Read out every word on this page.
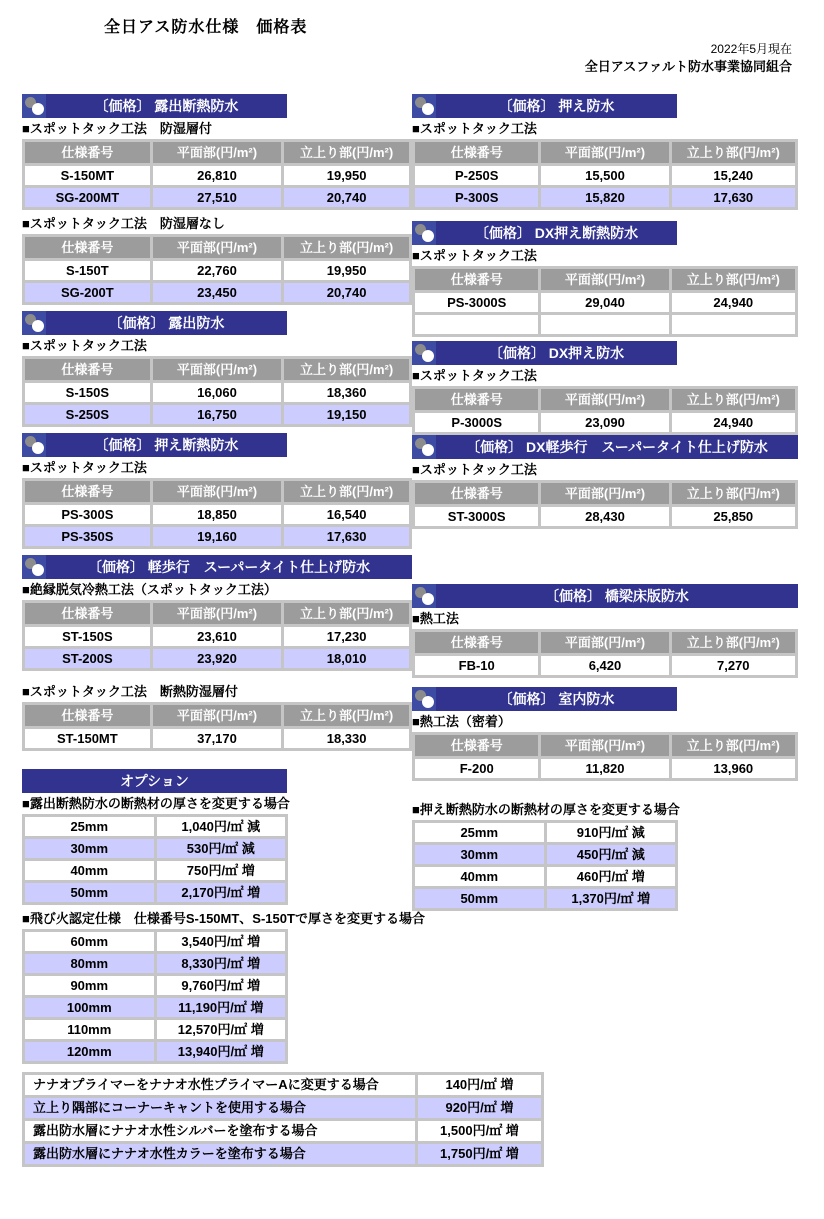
全日アス防水仕様　価格表
2022年5月現在
全日アスファルト防水事業協同組合
〔価格〕 露出断熱防水
■スポットタック工法　防湿層付
仕様番号	平面部(円/m²)	立上り部(円/m²)
S-150MT	26,810	19,950
SG-200MT	27,510	20,740
■スポットタック工法　防湿層なし
仕様番号	平面部(円/m²)	立上り部(円/m²)
S-150T	22,760	19,950
SG-200T	23,450	20,740
〔価格〕 露出防水
■スポットタック工法
仕様番号	平面部(円/m²)	立上り部(円/m²)
S-150S	16,060	18,360
S-250S	16,750	19,150
〔価格〕 押え断熱防水
■スポットタック工法
仕様番号	平面部(円/m²)	立上り部(円/m²)
PS-300S	18,850	16,540
PS-350S	19,160	17,630
〔価格〕 軽歩行　スーパータイト仕上げ防水
■絶縁脱気冷熱工法（スポットタック工法）
仕様番号	平面部(円/m²)	立上り部(円/m²)
ST-150S	23,610	17,230
ST-200S	23,920	18,010
■スポットタック工法　断熱防湿層付
仕様番号	平面部(円/m²)	立上り部(円/m²)
ST-150MT	37,170	18,330
オプション
■露出断熱防水の断熱材の厚さを変更する場合
25mm	1,040円/㎡ 減
30mm	530円/㎡ 減
40mm	750円/㎡ 増
50mm	2,170円/㎡ 増
■飛び火認定仕様　仕様番号S-150MT、S-150Tで厚さを変更する場合
60mm	3,540円/㎡ 増
80mm	8,330円/㎡ 増
90mm	9,760円/㎡ 増
100mm	11,190円/㎡ 増
110mm	12,570円/㎡ 増
120mm	13,940円/㎡ 増
ナナオプライマーをナナオ水性プライマーAに変更する場合	140円/㎡ 増
立上り隅部にコーナーキャントを使用する場合	920円/㎡ 増
露出防水層にナナオ水性シルバーを塗布する場合	1,500円/㎡ 増
露出防水層にナナオ水性カラーを塗布する場合	1,750円/㎡ 増
〔価格〕 押え防水
■スポットタック工法
仕様番号	平面部(円/m²)	立上り部(円/m²)
P-250S	15,500	15,240
P-300S	15,820	17,630
〔価格〕 DX押え断熱防水
■スポットタック工法
仕様番号	平面部(円/m²)	立上り部(円/m²)
PS-3000S	29,040	24,940

〔価格〕 DX押え防水
■スポットタック工法
仕様番号	平面部(円/m²)	立上り部(円/m²)
P-3000S	23,090	24,940
〔価格〕 DX軽歩行　スーパータイト仕上げ防水
■スポットタック工法
仕様番号	平面部(円/m²)	立上り部(円/m²)
ST-3000S	28,430	25,850
〔価格〕 橋梁床版防水
■熱工法
仕様番号	平面部(円/m²)	立上り部(円/m²)
FB-10	6,420	7,270
〔価格〕 室内防水
■熱工法（密着）
仕様番号	平面部(円/m²)	立上り部(円/m²)
F-200	11,820	13,960
■押え断熱防水の断熱材の厚さを変更する場合
25mm	910円/㎡ 減
30mm	450円/㎡ 減
40mm	460円/㎡ 増
50mm	1,370円/㎡ 増
